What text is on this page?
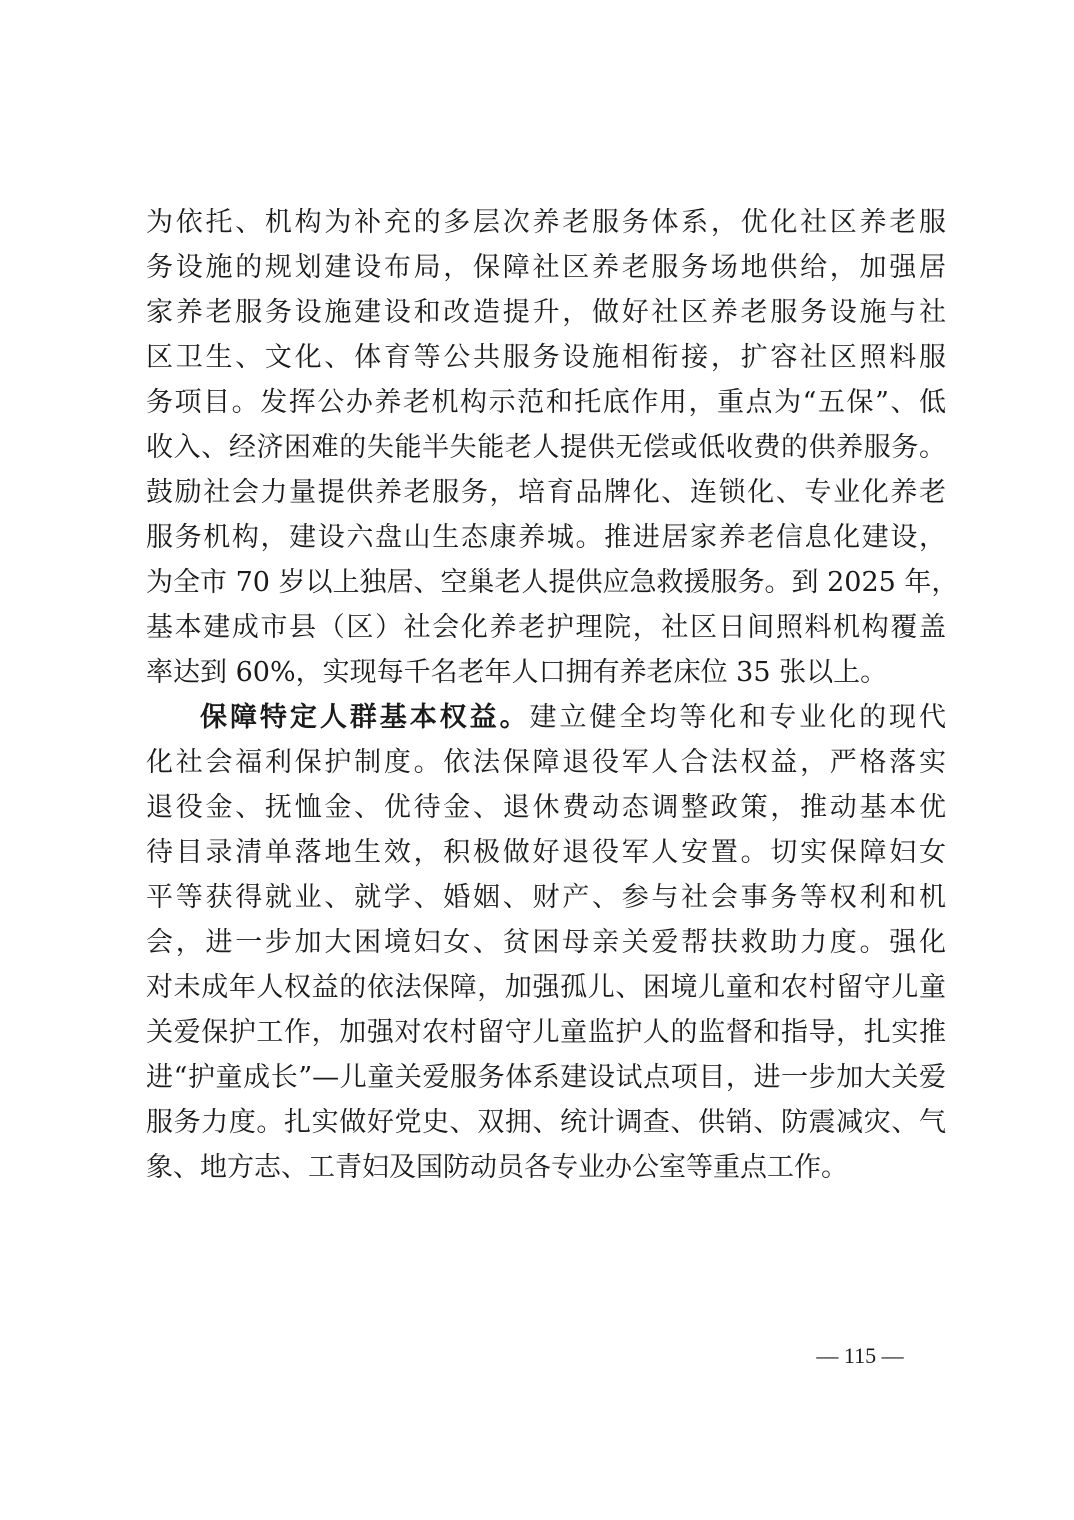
为依托、机构为补充的多层次养老服务体系，优化社区养老服
务设施的规划建设布局，保障社区养老服务场地供给，加强居
家养老服务设施建设和改造提升，做好社区养老服务设施与社
区卫生、文化、体育等公共服务设施相衔接，扩容社区照料服
务项目。发挥公办养老机构示范和托底作用，重点为“五保”、低
收入、经济困难的失能半失能老人提供无偿或低收费的供养服务。
鼓励社会力量提供养老服务，培育品牌化、连锁化、专业化养老
服务机构，建设六盘山生态康养城。推进居家养老信息化建设，
为全市 70 岁以上独居、空巢老人提供应急救援服务。到 2025 年，
基本建成市县（区）社会化养老护理院，社区日间照料机构覆盖
率达到 60%，实现每千名老年人口拥有养老床位 35 张以上。
保障特定人群基本权益。建立健全均等化和专业化的现代
化社会福利保护制度。依法保障退役军人合法权益，严格落实
退役金、抚恤金、优待金、退休费动态调整政策，推动基本优
待目录清单落地生效，积极做好退役军人安置。切实保障妇女
平等获得就业、就学、婚姻、财产、参与社会事务等权利和机
会，进一步加大困境妇女、贫困母亲关爱帮扶救助力度。强化
对未成年人权益的依法保障，加强孤儿、困境儿童和农村留守儿童
关爱保护工作，加强对农村留守儿童监护人的监督和指导，扎实推
进“护童成长”—儿童关爱服务体系建设试点项目，进一步加大关爱
服务力度。扎实做好党史、双拥、统计调查、供销、防震减灾、气
象、地方志、工青妇及国防动员各专业办公室等重点工作。
— 115 —
